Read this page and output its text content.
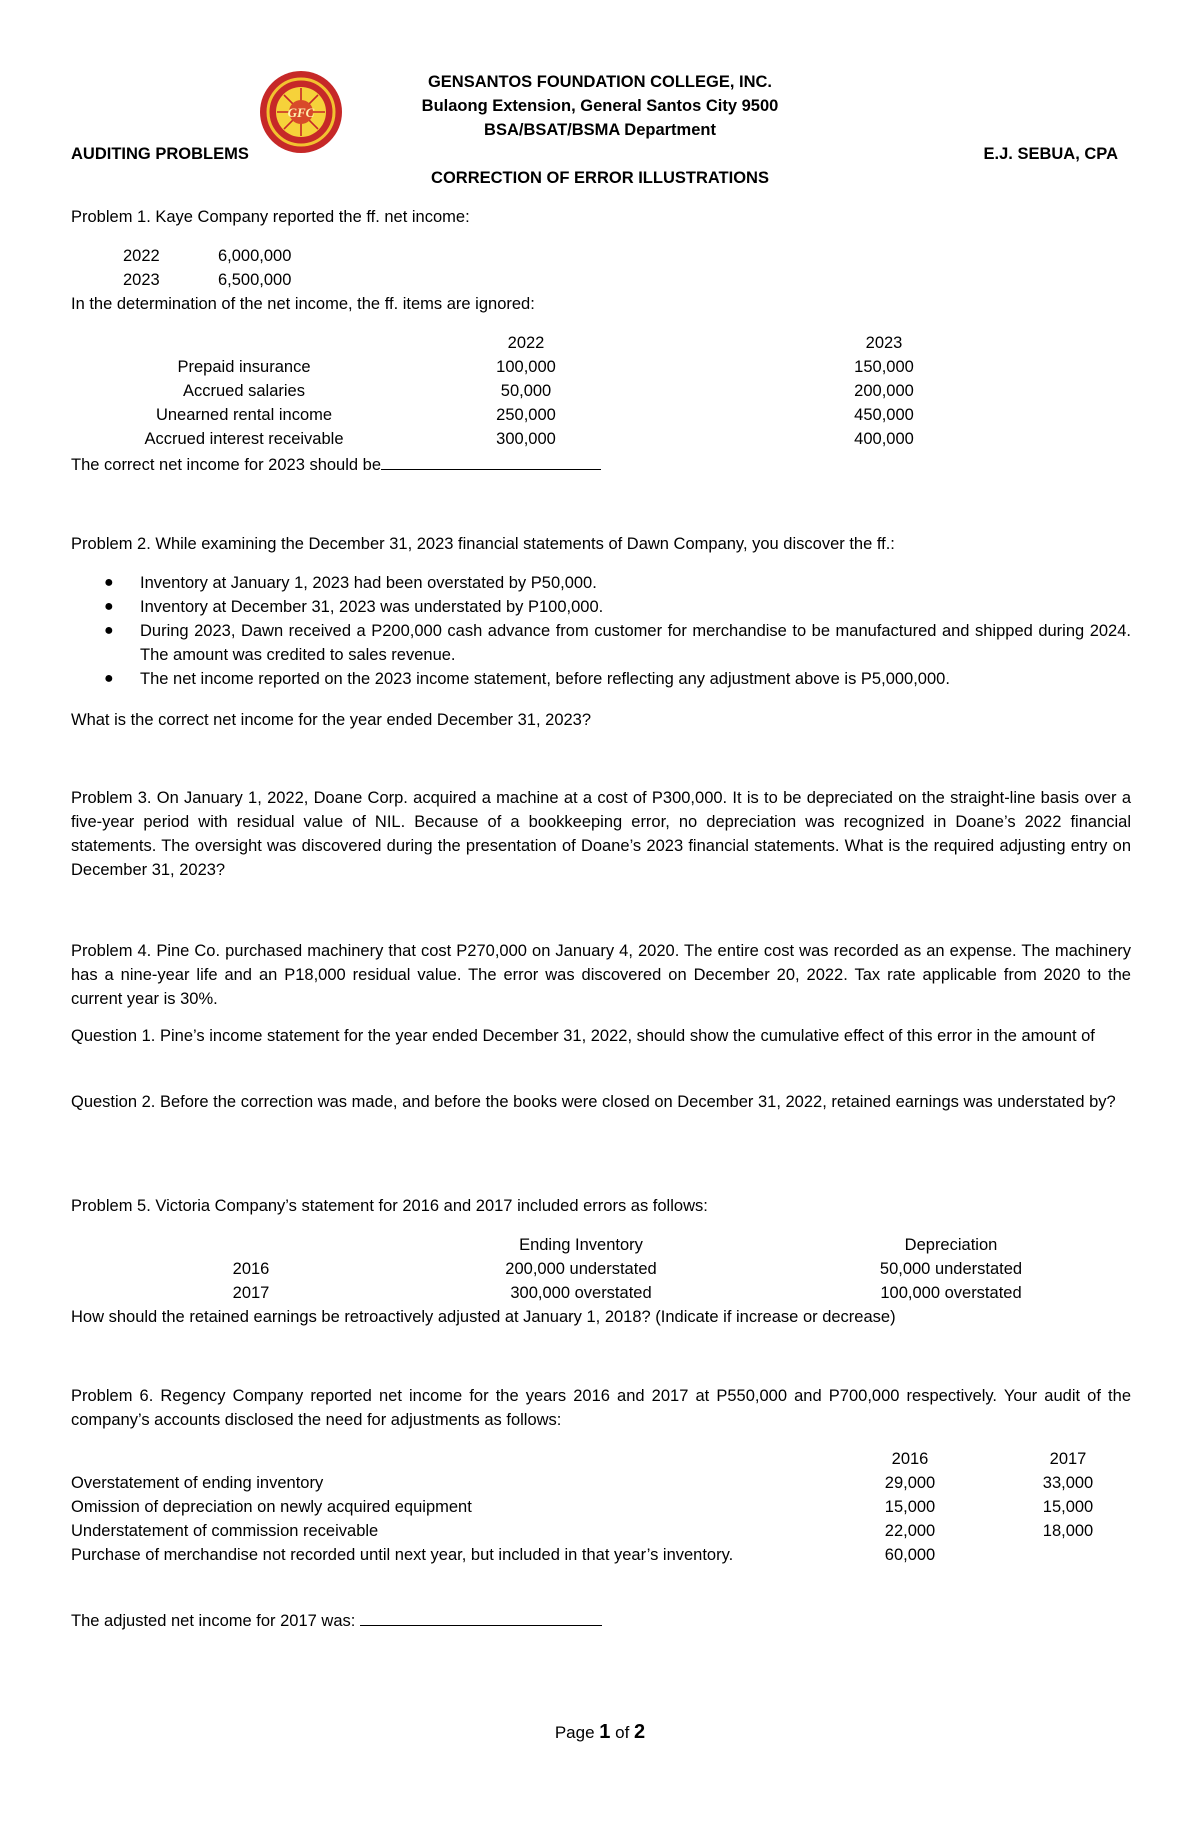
GFC
GENSANTOS FOUNDATION COLLEGE, INC.
Bulaong Extension, General Santos City 9500
BSA/BSAT/BSMA Department
AUDITING PROBLEMS	E.J. SEBUA, CPA
CORRECTION OF ERROR ILLUSTRATIONS
Problem 1. Kaye Company reported the ff. net income:
2022	6,000,000
2023	6,500,000
In the determination of the net income, the ff. items are ignored:
	2022		2023
Prepaid insurance	100,000		150,000
Accrued salaries	50,000		200,000
Unearned rental income	250,000		450,000
Accrued interest receivable	300,000		400,000
The correct net income for 2023 should be
Problem 2. While examining the December 31, 2023 financial statements of Dawn Company, you discover the ff.:
● Inventory at January 1, 2023 had been overstated by P50,000.
● Inventory at December 31, 2023 was understated by P100,000.
● During 2023, Dawn received a P200,000 cash advance from customer for merchandise to be manufactured and shipped during 2024. The amount was credited to sales revenue.
● The net income reported on the 2023 income statement, before reflecting any adjustment above is P5,000,000.
What is the correct net income for the year ended December 31, 2023?

Problem 3. On January 1, 2022, Doane Corp. acquired a machine at a cost of P300,000. It is to be depreciated on the straight-line basis over a five-year period with residual value of NIL. Because of a bookkeeping error, no depreciation was recognized in Doane’s 2022 financial statements. The oversight was discovered during the presentation of Doane’s 2023 financial statements. What is the required adjusting entry on December 31, 2023?

Problem 4. Pine Co. purchased machinery that cost P270,000 on January 4, 2020. The entire cost was recorded as an expense. The machinery has a nine-year life and an P18,000 residual value. The error was discovered on December 20, 2022. Tax rate applicable from 2020 to the current year is 30%.

Question 1. Pine’s income statement for the year ended December 31, 2022, should show the cumulative effect of this error in the amount of

Question 2. Before the correction was made, and before the books were closed on December 31, 2022, retained earnings was understated by?

Problem 5. Victoria Company’s statement for 2016 and 2017 included errors as follows:
	Ending Inventory		Depreciation
2016	200,000 understated		50,000 understated
2017	300,000 overstated		100,000 overstated
How should the retained earnings be retroactively adjusted at January 1, 2018? (Indicate if increase or decrease)

Problem 6. Regency Company reported net income for the years 2016 and 2017 at P550,000 and P700,000 respectively. Your audit of the company’s accounts disclosed the need for adjustments as follows:

	2016		2017
Overstatement of ending inventory	29,000		33,000
Omission of depreciation on newly acquired equipment	15,000		15,000
Understatement of commission receivable	22,000		18,000
Purchase of merchandise not recorded until next year, but included in that year’s inventory.	60,000		
The adjusted net income for 2017 was:
Page 1 of 2
